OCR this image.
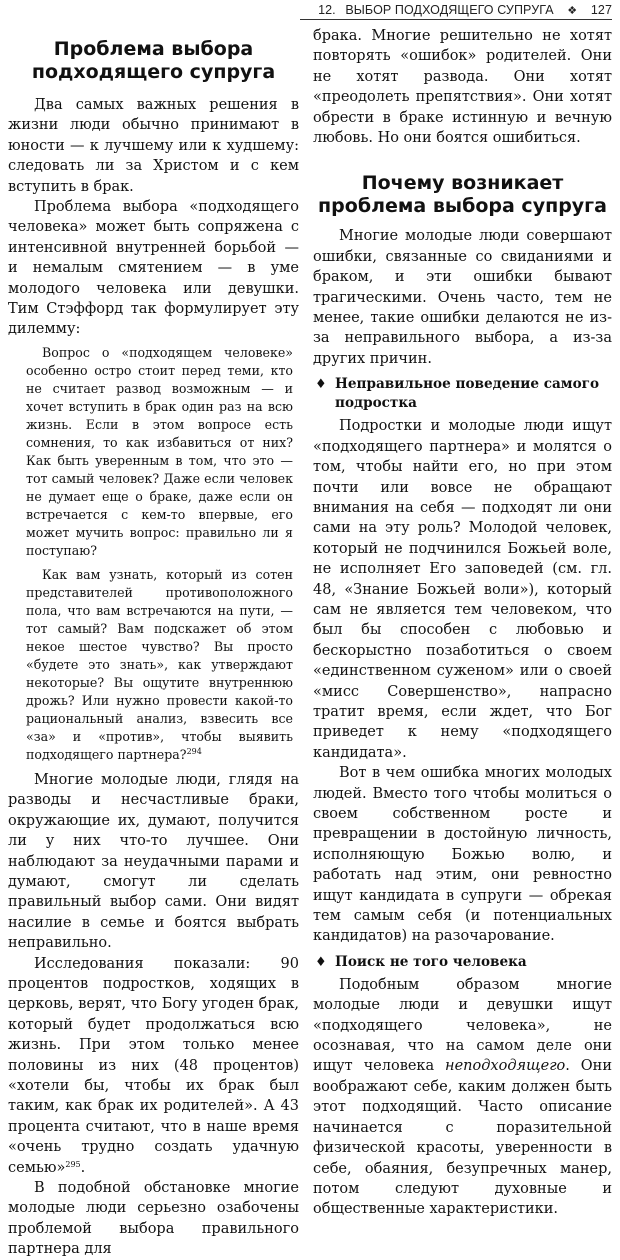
12. ВЫБОР ПОДХОДЯЩЕГО СУПРУГА ❖ 127
Проблема выбора подходящего супруга

Два самых важных решения в жизни люди обычно принимают в юности — к лучшему или к худшему: следовать ли за Христом и с кем вступить в брак.

Проблема выбора «подходящего человека» может быть сопряжена с интенсивной внутренней борьбой — и немалым смятением — в уме молодого человека или девушки. Тим Стэффорд так формулирует эту дилемму:

Вопрос о «подходящем человеке» особенно остро стоит перед теми, кто не считает развод возможным — и хочет вступить в брак один раз на всю жизнь. Если в этом вопросе есть сомнения, то как избавиться от них? Как быть уверенным в том, что это — тот самый человек? Даже если человек не думает еще о браке, даже если он встречается с кем-то впервые, его может мучить вопрос: правильно ли я поступаю?

Как вам узнать, который из сотен представителей противоположного пола, что вам встречаются на пути, — тот самый? Вам подскажет об этом некое шестое чувство? Вы просто «будете это знать», как утверждают некоторые? Вы ощутите внутреннюю дрожь? Или нужно провести какой-то рациональный анализ, взвесить все «за» и «против», чтобы выявить подходящего партнера?$^{294}$

Многие молодые люди, глядя на разводы и несчастливые браки, окружающие их, думают, получится ли у них что-то лучшее. Они наблюдают за неудачными парами и думают, смогут ли сделать правильный выбор сами. Они видят насилие в семье и боятся выбрать неправильно.

Исследования показали: 90 процентов подростков, ходящих в церковь, верят, что Богу угоден брак, который будет продолжаться всю жизнь. При этом только менее половины из них (48 процентов) «хотели бы, чтобы их брак был таким, как брак их родителей». А 43 процента считают, что в наше время «очень трудно создать удачную семью»$^{295}$.

В подобной обстановке многие молодые люди серьезно озабочены проблемой выбора правильного партнера для

брака. Многие решительно не хотят повторять «ошибок» родителей. Они не хотят развода. Они хотят «преодолеть препятствия». Они хотят обрести в браке истинную и вечную любовь. Но они боятся ошибиться.

Почему возникает проблема выбора супруга

Многие молодые люди совершают ошибки, связанные со свиданиями и браком, и эти ошибки бывают трагическими. Очень часто, тем не менее, такие ошибки делаются не из-за неправильного выбора, а из-за других причин.

♦ Неправильное поведение самого подростка

Подростки и молодые люди ищут «подходящего партнера» и молятся о том, чтобы найти его, но при этом почти или вовсе не обращают внимания на себя — подходят ли они сами на эту роль? Молодой человек, который не подчинился Божьей воле, не исполняет Его заповедей (см. гл. 48, «Знание Божьей воли»), который сам не является тем человеком, что был бы способен с любовью и бескорыстно позаботиться о своем «единственном суженом» или о своей «мисс Совершенство», напрасно тратит время, если ждет, что Бог приведет к нему «подходящего кандидата».

Вот в чем ошибка многих молодых людей. Вместо того чтобы молиться о своем собственном росте и превращении в достойную личность, исполняющую Божью волю, и работать над этим, они ревностно ищут кандидата в супруги — обрекая тем самым себя (и потенциальных кандидатов) на разочарование.

♦ Поиск не того человека

Подобным образом многие молодые люди и девушки ищут «подходящего человека», не осознавая, что на самом деле они ищут человека неподходящего. Они воображают себе, каким должен быть этот подходящий. Часто описание начинается с поразительной физической красоты, уверенности в себе, обаяния, безупречных манер, потом следуют духовные и общественные характеристики.
